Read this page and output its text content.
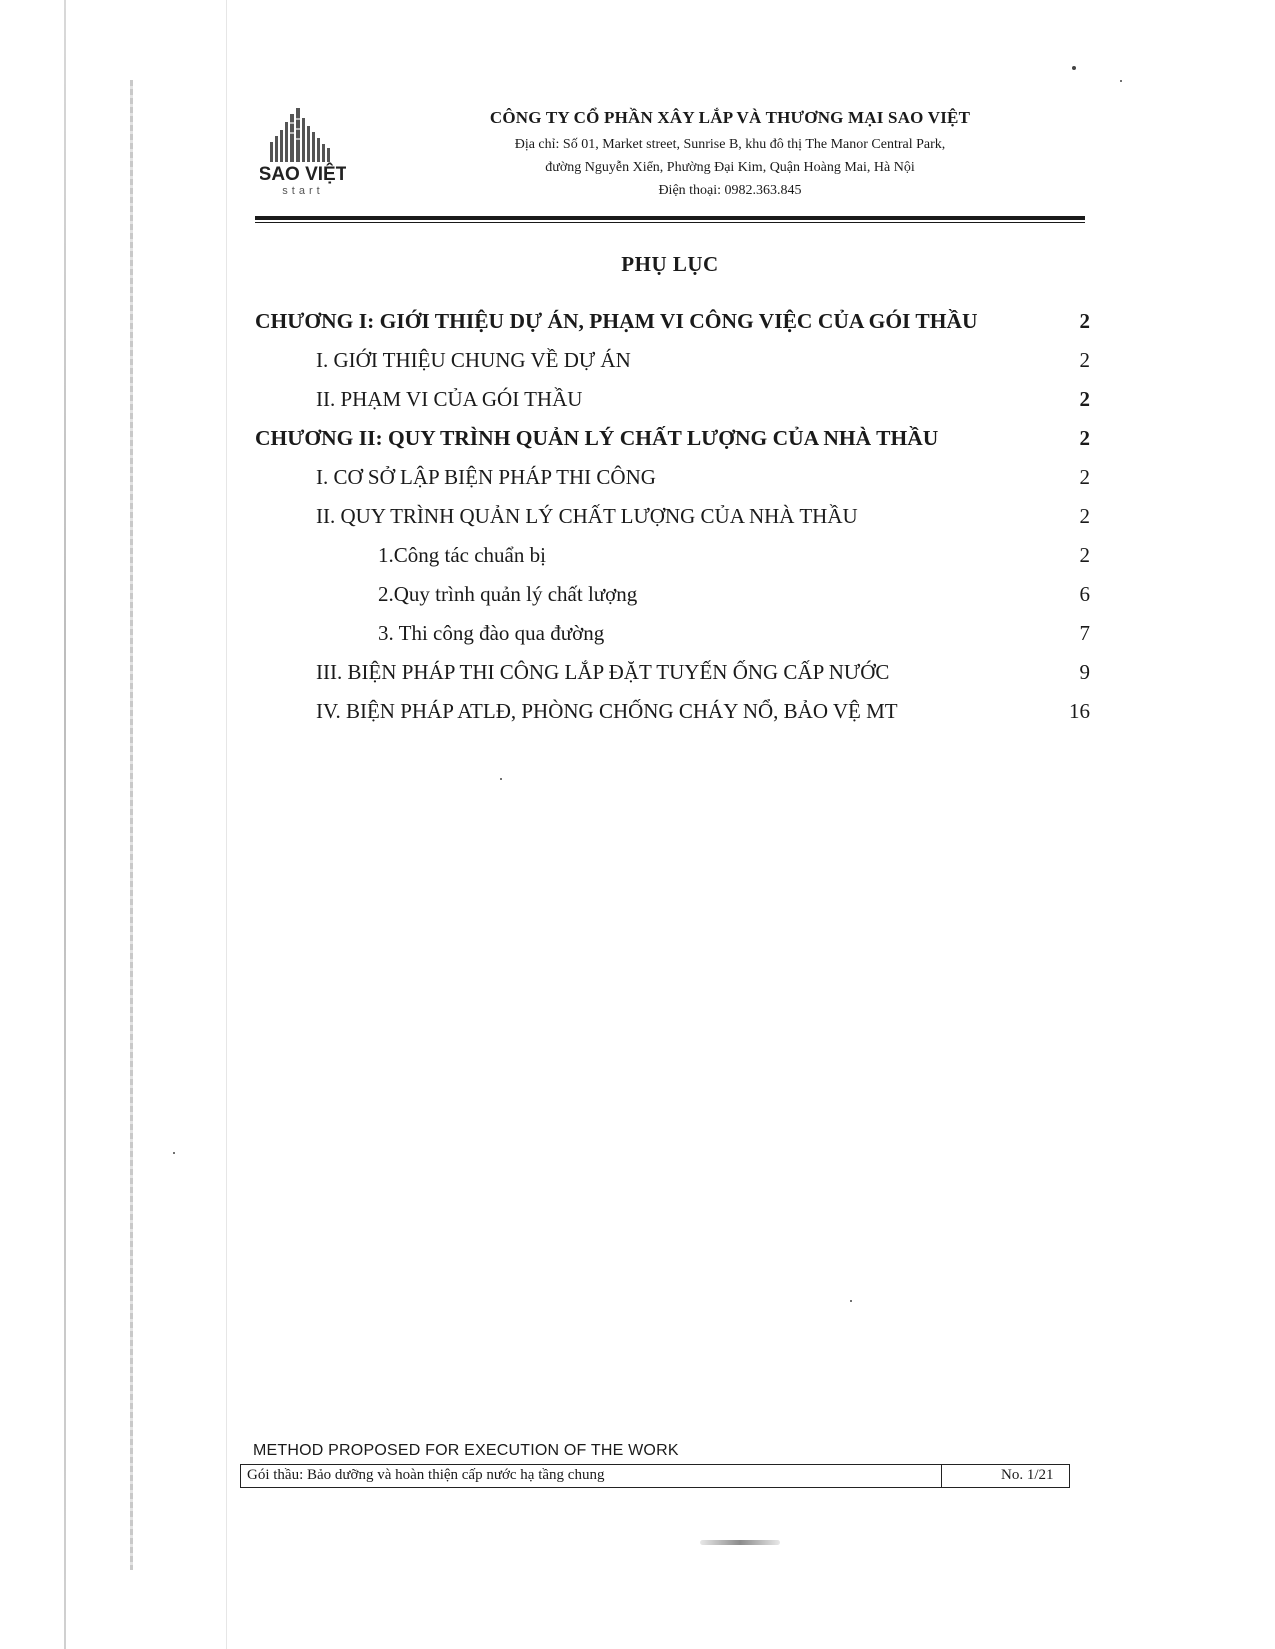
SAO VIỆT
start
CÔNG TY CỔ PHẦN XÂY LẮP VÀ THƯƠNG MẠI SAO VIỆT
Địa chỉ: Số 01, Market street, Sunrise B, khu đô thị The Manor Central Park,
đường Nguyễn Xiển, Phường Đại Kim, Quận Hoàng Mai, Hà Nội
Điện thoại: 0982.363.845
PHỤ LỤC
CHƯƠNG I: GIỚI THIỆU DỰ ÁN, PHẠM VI CÔNG VIỆC CỦA GÓI THẦU	2
I. GIỚI THIỆU CHUNG VỀ DỰ ÁN	2
II. PHẠM VI CỦA GÓI THẦU	2
CHƯƠNG II: QUY TRÌNH QUẢN LÝ CHẤT LƯỢNG CỦA NHÀ THẦU	2
I. CƠ SỞ LẬP BIỆN PHÁP THI CÔNG	2
II. QUY TRÌNH QUẢN LÝ CHẤT LƯỢNG CỦA NHÀ THẦU	2
1.Công tác chuẩn bị	2
2.Quy trình quản lý chất lượng	6
3. Thi công đào qua đường	7
III. BIỆN PHÁP THI CÔNG LẮP ĐẶT TUYẾN ỐNG CẤP NƯỚC	9
IV. BIỆN PHÁP ATLĐ, PHÒNG CHỐNG CHÁY NỔ, BẢO VỆ MT	16
METHOD PROPOSED FOR EXECUTION OF THE WORK
Gói thầu: Bảo dưỡng và hoàn thiện cấp nước hạ tầng chung	No. 1/21
